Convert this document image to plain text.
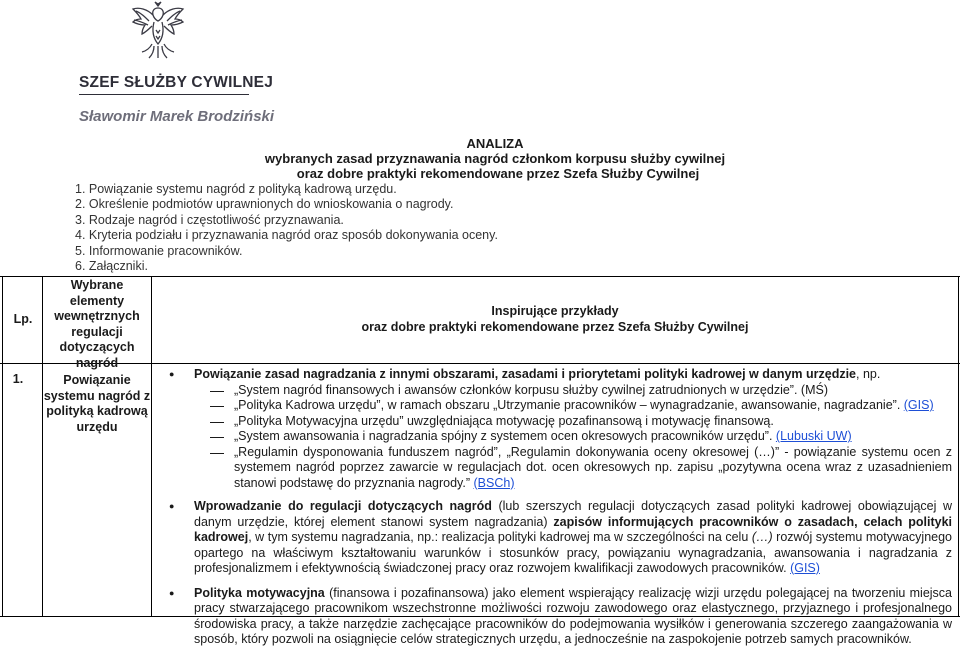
SZEF SŁUŻBY CYWILNEJ
Sławomir Marek Brodziński
ANALIZA
wybranych zasad przyznawania nagród członkom korpusu służby cywilnej
oraz dobre praktyki rekomendowane przez Szefa Służby Cywilnej
1. Powiązanie systemu nagród z polityką kadrową urzędu.
2. Określenie podmiotów uprawnionych do wnioskowania o nagrody.
3. Rodzaje nagród i częstotliwość przyznawania.
4. Kryteria podziału i przyznawania nagród oraz sposób dokonywania oceny.
5. Informowanie pracowników.
6. Załączniki.
Lp.
Wybrane elementy wewnętrznych regulacji dotyczących nagród
Inspirujące przykłady
oraz dobre praktyki rekomendowane przez Szefa Służby Cywilnej
1.	Powiązanie systemu nagród z polityką kadrową urzędu
● Powiązanie zasad nagradzania z innymi obszarami, zasadami i priorytetami polityki kadrowej w danym urzędzie, np.
„System nagród finansowych i awansów członków korpusu służby cywilnej zatrudnionych w urzędzie”. (MŚ)
„Polityka Kadrowa urzędu”, w ramach obszaru „Utrzymanie pracowników – wynagradzanie, awansowanie, nagradzanie”. (GIS)
„Polityka Motywacyjna urzędu” uwzględniająca motywację pozafinansową i motywację finansową.
„System awansowania i nagradzania spójny z systemem ocen okresowych pracowników urzędu”. (Lubuski UW)
„Regulamin dysponowania funduszem nagród”, „Regulamin dokonywania oceny okresowej (…)” - powiązanie systemu ocen z systemem nagród poprzez zawarcie w regulacjach dot. ocen okresowych np. zapisu „pozytywna ocena wraz z uzasadnieniem stanowi podstawę do przyznania nagrody.” (BSCh)
● Wprowadzanie do regulacji dotyczących nagród (lub szerszych regulacji dotyczących zasad polityki kadrowej obowiązującej w danym urzędzie, której element stanowi system nagradzania) zapisów informujących pracowników o zasadach, celach polityki kadrowej, w tym systemu nagradzania, np.: realizacja polityki kadrowej ma w szczególności na celu (…) rozwój systemu motywacyjnego opartego na właściwym kształtowaniu warunków i stosunków pracy, powiązaniu wynagradzania, awansowania i nagradzania z profesjonalizmem i efektywnością świadczonej pracy oraz rozwojem kwalifikacji zawodowych pracowników. (GIS)
● Polityka motywacyjna (finansowa i pozafinansowa) jako element wspierający realizację wizji urzędu polegającej na tworzeniu miejsca pracy stwarzającego pracownikom wszechstronne możliwości rozwoju zawodowego oraz elastycznego, przyjaznego i profesjonalnego środowiska pracy, a także narzędzie zachęcające pracowników do podejmowania wysiłków i generowania szczerego zaangażowania w sposób, który pozwoli na osiągnięcie celów strategicznych urzędu, a jednocześnie na zaspokojenie potrzeb samych pracowników.
